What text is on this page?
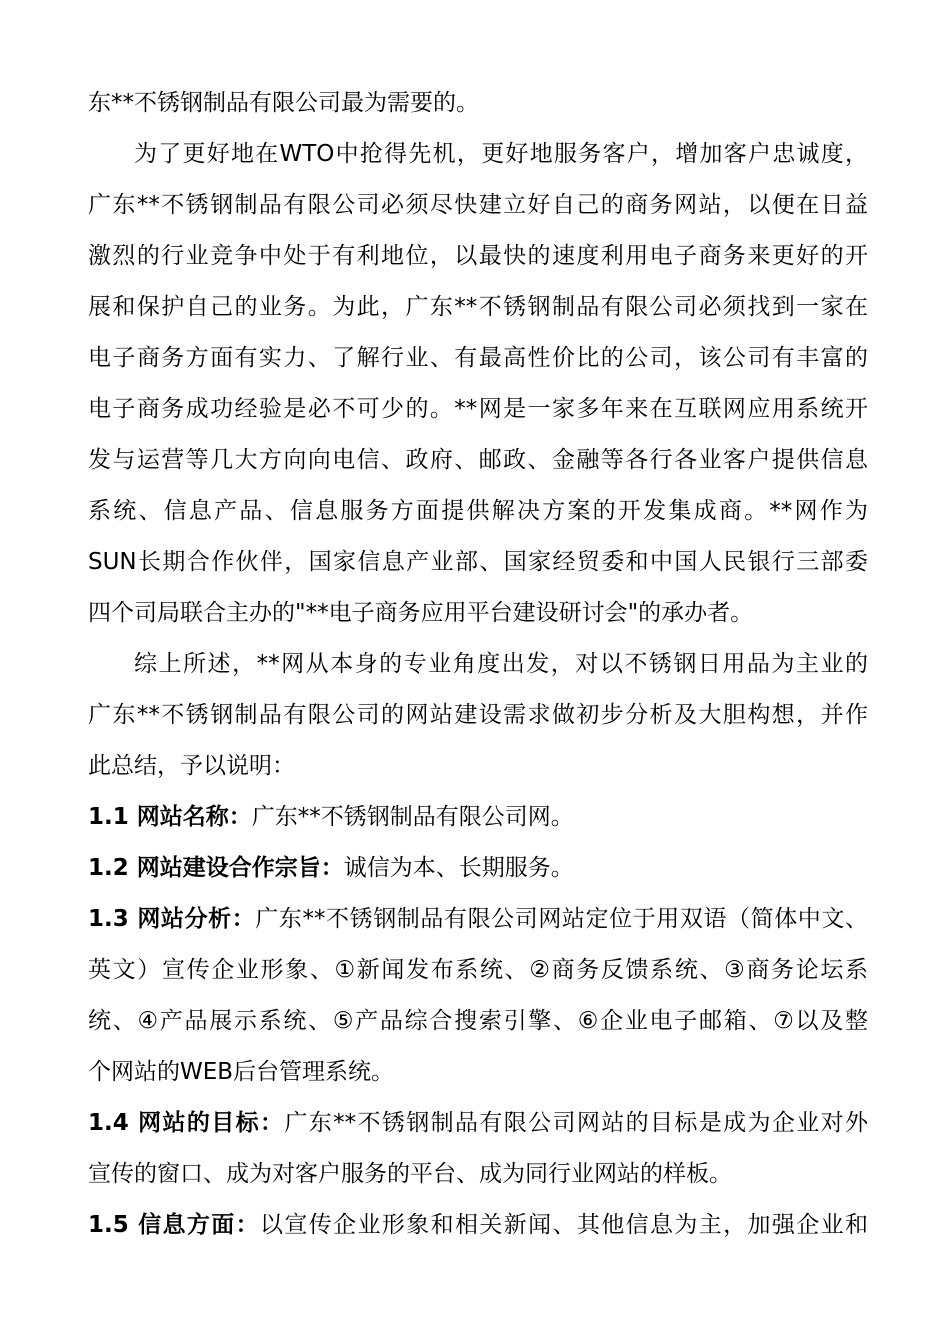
东**不锈钢制品有限公司最为需要的。
为了更好地在WTO中抢得先机，更好地服务客户，增加客户忠诚度，
广东**不锈钢制品有限公司必须尽快建立好自己的商务网站，以便在日益
激烈的行业竞争中处于有利地位，以最快的速度利用电子商务来更好的开
展和保护自己的业务。为此，广东**不锈钢制品有限公司必须找到一家在
电子商务方面有实力、了解行业、有最高性价比的公司，该公司有丰富的
电子商务成功经验是必不可少的。**网是一家多年来在互联网应用系统开
发与运营等几大方向向电信、政府、邮政、金融等各行各业客户提供信息
系统、信息产品、信息服务方面提供解决方案的开发集成商。**网作为
SUN长期合作伙伴，国家信息产业部、国家经贸委和中国人民银行三部委
四个司局联合主办的"**电子商务应用平台建设研讨会"的承办者。
综上所述，**网从本身的专业角度出发，对以不锈钢日用品为主业的
广东**不锈钢制品有限公司的网站建设需求做初步分析及大胆构想，并作
此总结，予以说明：
1.1 网站名称：广东**不锈钢制品有限公司网。
1.2 网站建设合作宗旨：诚信为本、长期服务。
1.3 网站分析：广东**不锈钢制品有限公司网站定位于用双语（简体中文、
英文）宣传企业形象、①新闻发布系统、②商务反馈系统、③商务论坛系
统、④产品展示系统、⑤产品综合搜索引擎、⑥企业电子邮箱、⑦以及整
个网站的WEB后台管理系统。
1.4 网站的目标：广东**不锈钢制品有限公司网站的目标是成为企业对外
宣传的窗口、成为对客户服务的平台、成为同行业网站的样板。
1.5 信息方面：以宣传企业形象和相关新闻、其他信息为主，加强企业和
